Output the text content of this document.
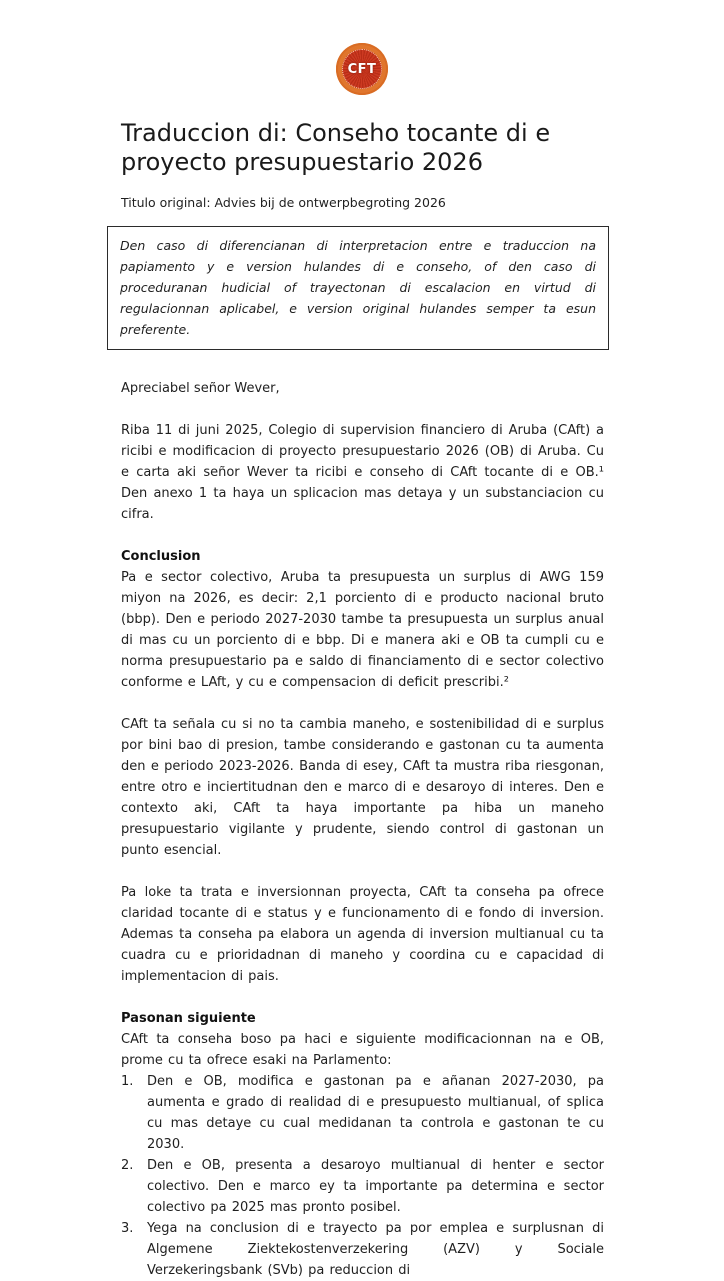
CFT
Traduccion di: Conseho tocante di e proyecto presupuestario 2026

Titulo original: Advies bij de ontwerpbegroting 2026

Den caso di diferencianan di interpretacion entre e traduccion na papiamento y e version hulandes di e conseho, of den caso di proceduranan hudicial of trayectonan di escalacion en virtud di regulacionnan aplicabel, e version original hulandes semper ta esun preferente.

Apreciabel señor Wever,

Riba 11 di juni 2025, Colegio di supervision financiero di Aruba (CAft) a ricibi e modificacion di proyecto presupuestario 2026 (OB) di Aruba. Cu e carta aki señor Wever ta ricibi e conseho di CAft tocante di e OB.¹ Den anexo 1 ta haya un splicacion mas detaya y un substanciacion cu cifra.

Conclusion

Pa e sector colectivo, Aruba ta presupuesta un surplus di AWG 159 miyon na 2026, es decir: 2,1 porciento di e producto nacional bruto (bbp). Den e periodo 2027-2030 tambe ta presupuesta un surplus anual di mas cu un porciento di e bbp. Di e manera aki e OB ta cumpli cu e norma presupuestario pa e saldo di financiamento di e sector colectivo conforme e LAft, y cu e compensacion di deficit prescribi.²

CAft ta señala cu si no ta cambia maneho, e sostenibilidad di e surplus por bini bao di presion, tambe considerando e gastonan cu ta aumenta den e periodo 2023-2026. Banda di esey, CAft ta mustra riba riesgonan, entre otro e inciertitudnan den e marco di e desaroyo di interes. Den e contexto aki, CAft ta haya importante pa hiba un maneho presupuestario vigilante y prudente, siendo control di gastonan un punto esencial.

Pa loke ta trata e inversionnan proyecta, CAft ta conseha pa ofrece claridad tocante di e status y e funcionamento di e fondo di inversion. Ademas ta conseha pa elabora un agenda di inversion multianual cu ta cuadra cu e prioridadnan di maneho y coordina cu e capacidad di implementacion di pais.

Pasonan siguiente

CAft ta conseha boso pa haci e siguiente modificacionnan na e OB, prome cu ta ofrece esaki na Parlamento:

1.	Den e OB, modifica e gastonan pa e añanan 2027-2030, pa aumenta e grado di realidad di e presupuesto multianual, of splica cu mas detaye cu cual medidanan ta controla e gastonan te cu 2030.
2.	Den e OB, presenta a desaroyo multianual di henter e sector colectivo. Den e marco ey ta importante pa determina e sector colectivo pa 2025 mas pronto posibel.
3.	Yega na conclusion di e trayecto pa por emplea e surplusnan di Algemene Ziektekostenverzekering (AZV) y Sociale Verzekeringsbank (SVb) pa reduccion di
